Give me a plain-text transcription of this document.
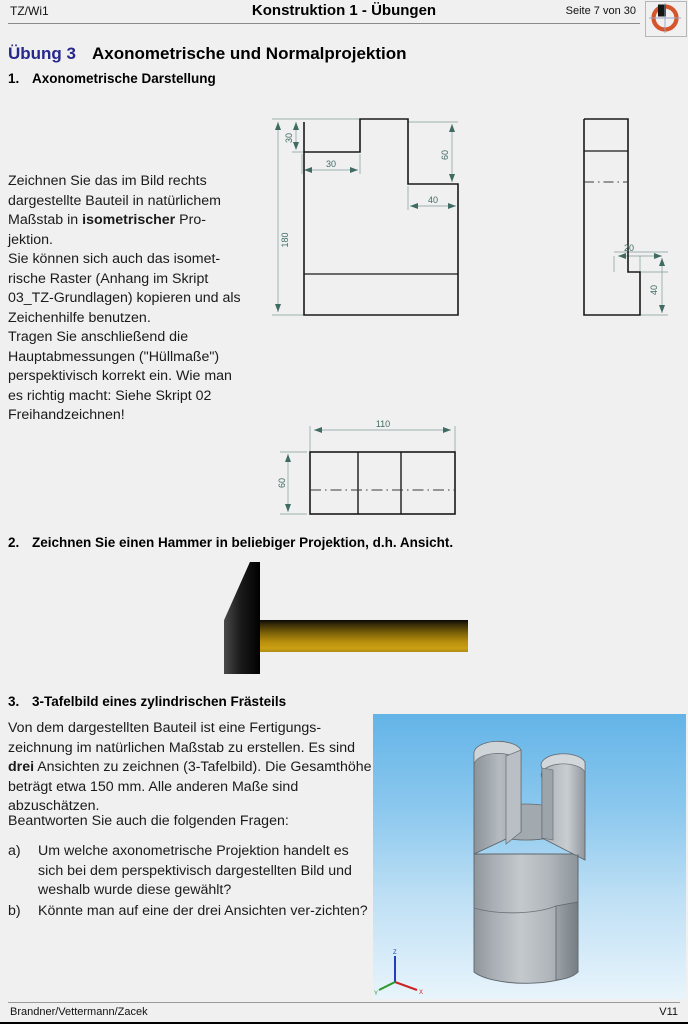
TZ/Wi1	Konstruktion 1 - Übungen	Seite 7 von 30
Übung 3 Axonometrische und Normalprojektion
1. Axonometrische Darstellung
Zeichnen Sie das im Bild rechts dargestellte Bauteil in natürlichem Maßstab in isometrischer Pro-jektion.
Sie können sich auch das isomet-rische Raster (Anhang im Skript 03_TZ-Grundlagen) kopieren und als Zeichenhilfe benutzen.
Tragen Sie anschließend die Hauptabmessungen ("Hüllmaße") perspektivisch korrekt ein. Wie man es richtig macht: Siehe Skript 02 Freihandzeichnen!
180
30
30
60
40
20
40
110
60
2. Zeichnen Sie einen Hammer in beliebiger Projektion, d.h. Ansicht.
3. 3-Tafelbild eines zylindrischen Frästeils
Von dem dargestellten Bauteil ist eine Fertigungs-zeichnung im natürlichen Maßstab zu erstellen. Es sind drei Ansichten zu zeichnen (3-Tafelbild). Die Gesamthöhe beträgt etwa 150 mm. Alle anderen Maße sind abzuschätzen.
Beantworten Sie auch die folgenden Fragen:
a)	Um welche axonometrische Projektion handelt es sich bei dem perspektivisch dargestellten Bild und weshalb wurde diese gewählt?
b)	Könnte man auf eine der drei Ansichten ver-zichten?
Z
X
Y
Brandner/Vettermann/Zacek	V11
